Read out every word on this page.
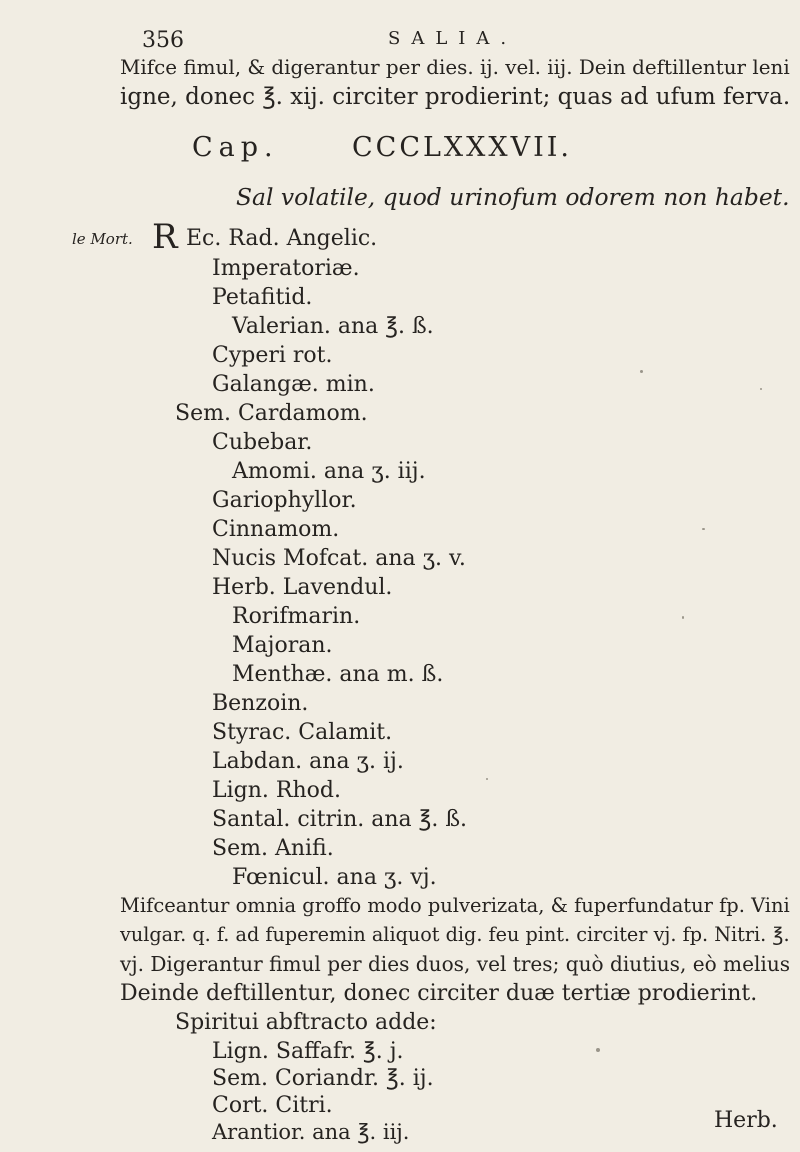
356	SALIA.
Mifce fimul, & digerantur per dies. ij. vel. iij. Dein deftillentur leni
igne, donec ℥. xij. circiter prodierint; quas ad ufum ferva.
Cap.	CCCLXXXVII.
Sal volatile, quod urinofum odorem non habet.
le Mort. R Ec. Rad. Angelic.
Imperatoriæ.
Petafitid.
Valerian. ana ℥. ß.
Cyperi rot.
Galangæ. min.
Sem. Cardamom.
Cubebar.
Amomi. ana ʒ. iij.
Gariophyllor.
Cinnamom.
Nucis Mofcat. ana ʒ. v.
Herb. Lavendul.
Rorifmarin.
Majoran.
Menthæ. ana m. ß.
Benzoin.
Styrac. Calamit.
Labdan. ana ʒ. ij.
Lign. Rhod.
Santal. citrin. ana ℥. ß.
Sem. Anifi.
Fœnicul. ana ʒ. vj.
Mifceantur omnia groffo modo pulverizata, & fuperfundatur fp. Vini
vulgar. q. f. ad fuperemin aliquot dig. feu pint. circiter vj. fp. Nitri. ℥.
vj. Digerantur fimul per dies duos, vel tres; quò diutius, eò melius
Deinde deftillentur, donec circiter duæ tertiæ prodierint.
Spiritui abftracto adde:
Lign. Saffafr. ℥. j.
Sem. Coriandr. ℥. ij.
Cort. Citri.
Arantior. ana ℥. iij.	Herb.
